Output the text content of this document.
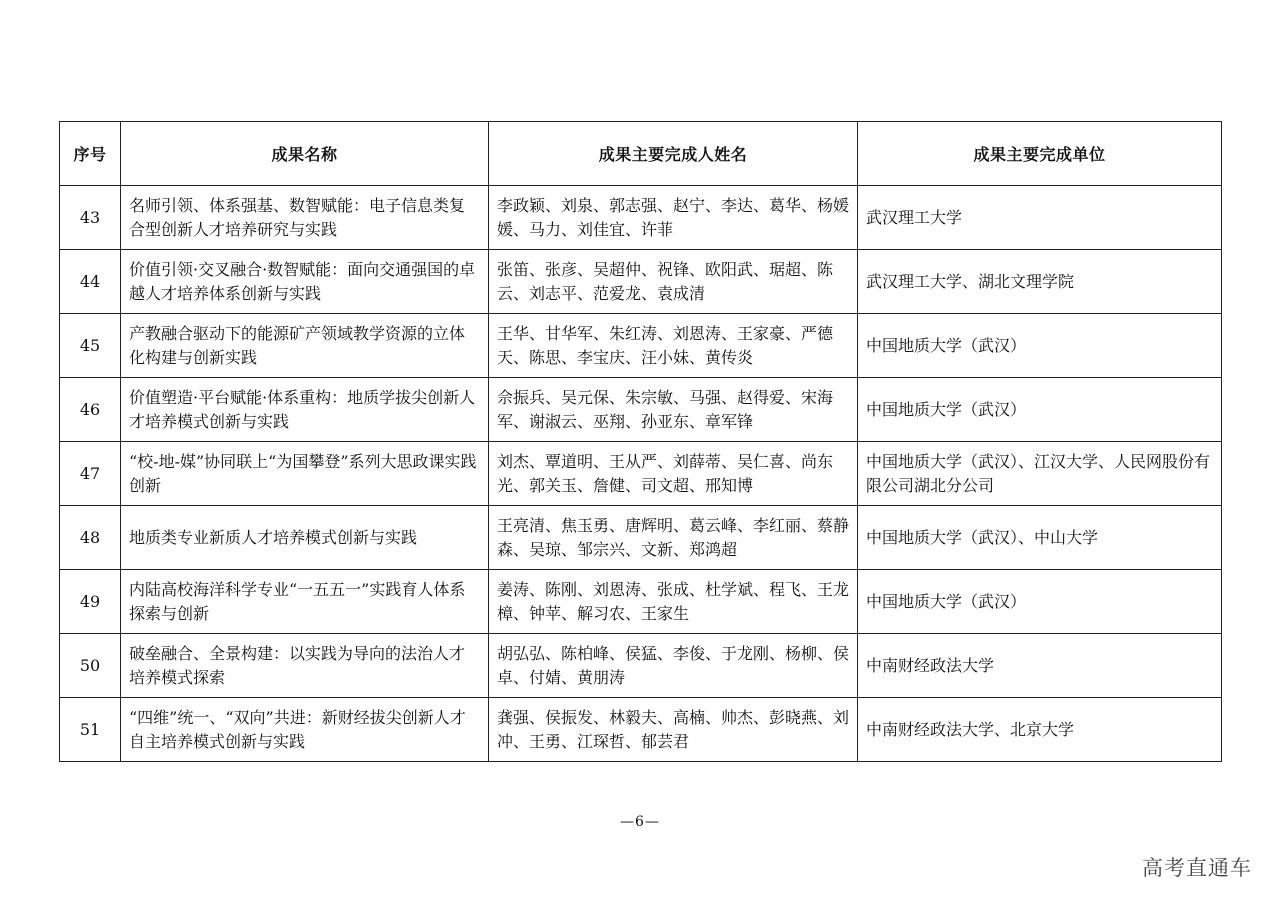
序号	成果名称	成果主要完成人姓名	成果主要完成单位
43	名师引领、体系强基、数智赋能：电子信息类复合型创新人才培养研究与实践	李政颖、刘泉、郭志强、赵宁、李达、葛华、杨媛媛、马力、刘佳宜、许菲	武汉理工大学
44	价值引领·交叉融合·数智赋能：面向交通强国的卓越人才培养体系创新与实践	张笛、张彦、吴超仲、祝锋、欧阳武、琚超、陈云、刘志平、范爱龙、袁成清	武汉理工大学、湖北文理学院
45	产教融合驱动下的能源矿产领域教学资源的立体化构建与创新实践	王华、甘华军、朱红涛、刘恩涛、王家豪、严德天、陈思、李宝庆、汪小妹、黄传炎	中国地质大学（武汉）
46	价值塑造·平台赋能·体系重构：地质学拔尖创新人才培养模式创新与实践	佘振兵、吴元保、朱宗敏、马强、赵得爱、宋海军、谢淑云、巫翔、孙亚东、章军锋	中国地质大学（武汉）
47	“校-地-媒”协同联上“为国攀登”系列大思政课实践创新	刘杰、覃道明、王从严、刘薛蒂、吴仁喜、尚东光、郭关玉、詹健、司文超、邢知博	中国地质大学（武汉）、江汉大学、人民网股份有限公司湖北分公司
48	地质类专业新质人才培养模式创新与实践	王亮清、焦玉勇、唐辉明、葛云峰、李红丽、蔡静森、吴琼、邹宗兴、文新、郑鸿超	中国地质大学（武汉）、中山大学
49	内陆高校海洋科学专业“一五五一”实践育人体系探索与创新	姜涛、陈刚、刘恩涛、张成、杜学斌、程飞、王龙樟、钟苹、解习农、王家生	中国地质大学（武汉）
50	破垒融合、全景构建：以实践为导向的法治人才培养模式探索	胡弘弘、陈柏峰、侯猛、李俊、于龙刚、杨柳、侯卓、付婧、黄朋涛	中南财经政法大学
51	“四维”统一、“双向”共进：新财经拔尖创新人才自主培养模式创新与实践	龚强、侯振发、林毅夫、高楠、帅杰、彭晓燕、刘冲、王勇、江琛哲、郁芸君	中南财经政法大学、北京大学
—6—
高考直通车
